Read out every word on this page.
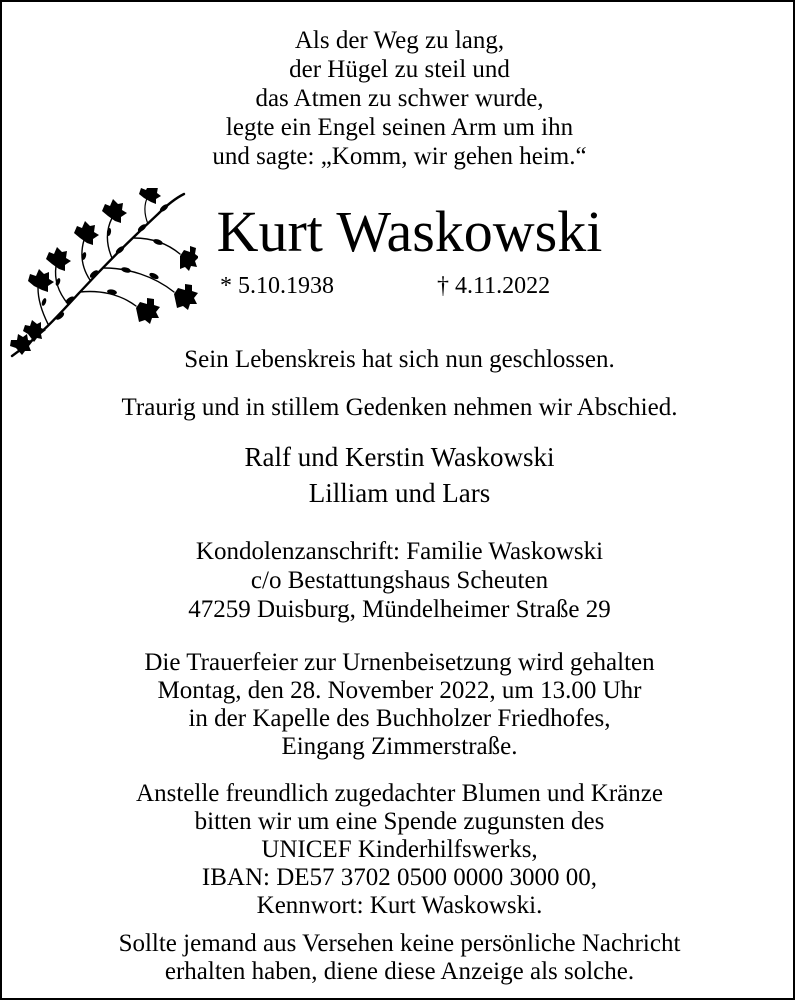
Als der Weg zu lang,
der Hügel zu steil und
das Atmen zu schwer wurde,
legte ein Engel seinen Arm um ihn
und sagte: „Komm, wir gehen heim.“
Kurt Waskowski
* 5.10.1938	† 4.11.2022
Sein Lebenskreis hat sich nun geschlossen.
Traurig und in stillem Gedenken nehmen wir Abschied.
Ralf und Kerstin Waskowski
Lilliam und Lars
Kondolenzanschrift: Familie Waskowski
c/o Bestattungshaus Scheuten
47259 Duisburg, Mündelheimer Straße 29
Die Trauerfeier zur Urnenbeisetzung wird gehalten
Montag, den 28. November 2022, um 13.00 Uhr
in der Kapelle des Buchholzer Friedhofes,
Eingang Zimmerstraße.
Anstelle freundlich zugedachter Blumen und Kränze
bitten wir um eine Spende zugunsten des
UNICEF Kinderhilfswerks,
IBAN: DE57 3702 0500 0000 3000 00,
Kennwort: Kurt Waskowski.
Sollte jemand aus Versehen keine persönliche Nachricht
erhalten haben, diene diese Anzeige als solche.
